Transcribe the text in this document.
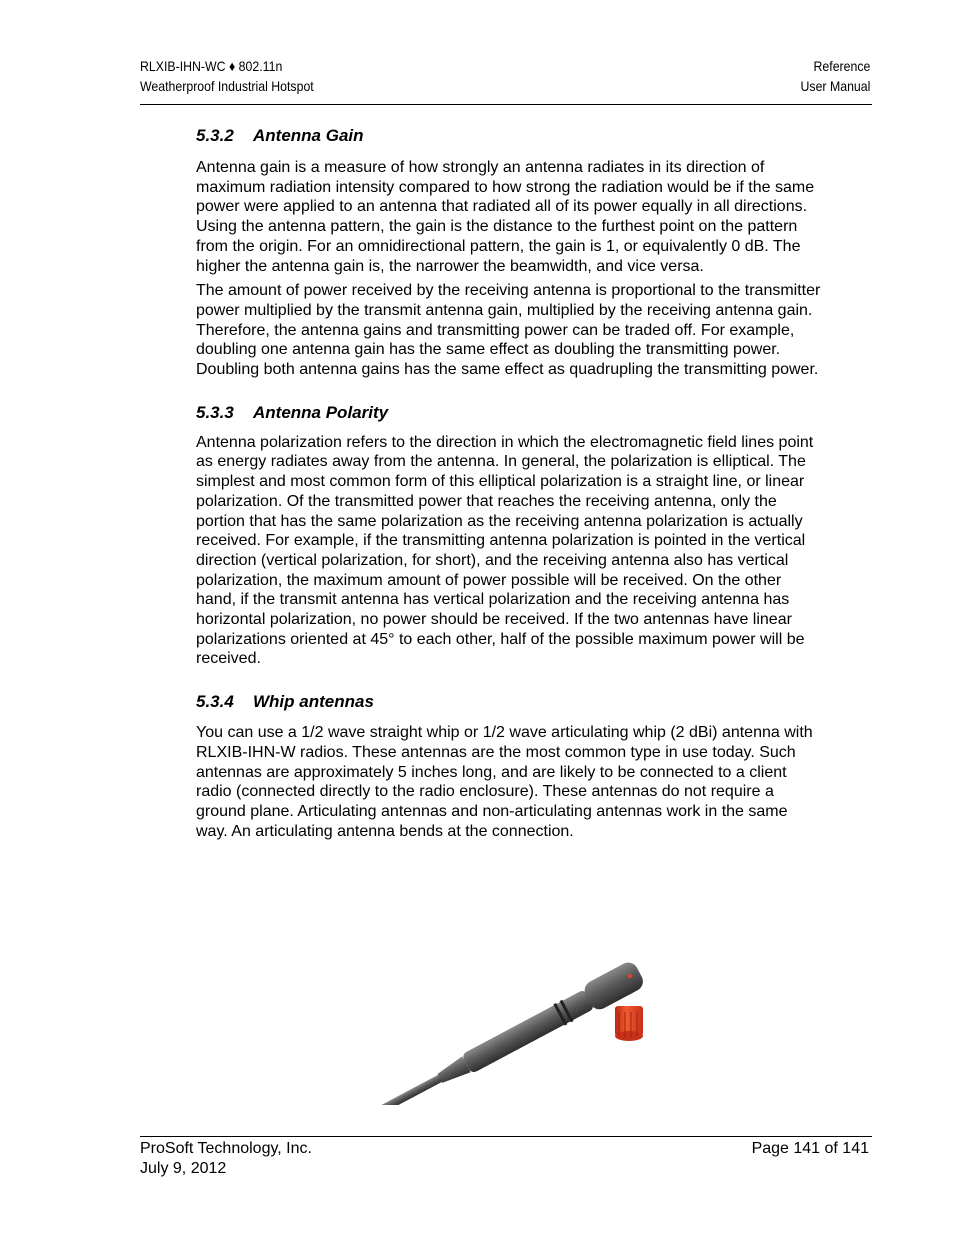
RLXIB-IHN-WC ♦ 802.11n
Weatherproof Industrial Hotspot
Reference
User Manual
5.3.2 Antenna Gain

Antenna gain is a measure of how strongly an antenna radiates in its direction of maximum radiation intensity compared to how strong the radiation would be if the same power were applied to an antenna that radiated all of its power equally in all directions. Using the antenna pattern, the gain is the distance to the furthest point on the pattern from the origin. For an omnidirectional pattern, the gain is 1, or equivalently 0 dB. The higher the antenna gain is, the narrower the beamwidth, and vice versa.

The amount of power received by the receiving antenna is proportional to the transmitter power multiplied by the transmit antenna gain, multiplied by the receiving antenna gain. Therefore, the antenna gains and transmitting power can be traded off. For example, doubling one antenna gain has the same effect as doubling the transmitting power. Doubling both antenna gains has the same effect as quadrupling the transmitting power.

5.3.3 Antenna Polarity

Antenna polarization refers to the direction in which the electromagnetic field lines point as energy radiates away from the antenna. In general, the polarization is elliptical. The simplest and most common form of this elliptical polarization is a straight line, or linear polarization. Of the transmitted power that reaches the receiving antenna, only the portion that has the same polarization as the receiving antenna polarization is actually received. For example, if the transmitting antenna polarization is pointed in the vertical direction (vertical polarization, for short), and the receiving antenna also has vertical polarization, the maximum amount of power possible will be received. On the other hand, if the transmit antenna has vertical polarization and the receiving antenna has horizontal polarization, no power should be received. If the two antennas have linear polarizations oriented at 45° to each other, half of the possible maximum power will be received.

5.3.4 Whip antennas

You can use a 1/2 wave straight whip or 1/2 wave articulating whip (2 dBi) antenna with RLXIB-IHN-W radios. These antennas are the most common type in use today. Such antennas are approximately 5 inches long, and are likely to be connected to a client radio (connected directly to the radio enclosure). These antennas do not require a ground plane. Articulating antennas and non-articulating antennas work in the same way. An articulating antenna bends at the connection.

ProSoft Technology, Inc.
July 9, 2012
Page 141 of 141
